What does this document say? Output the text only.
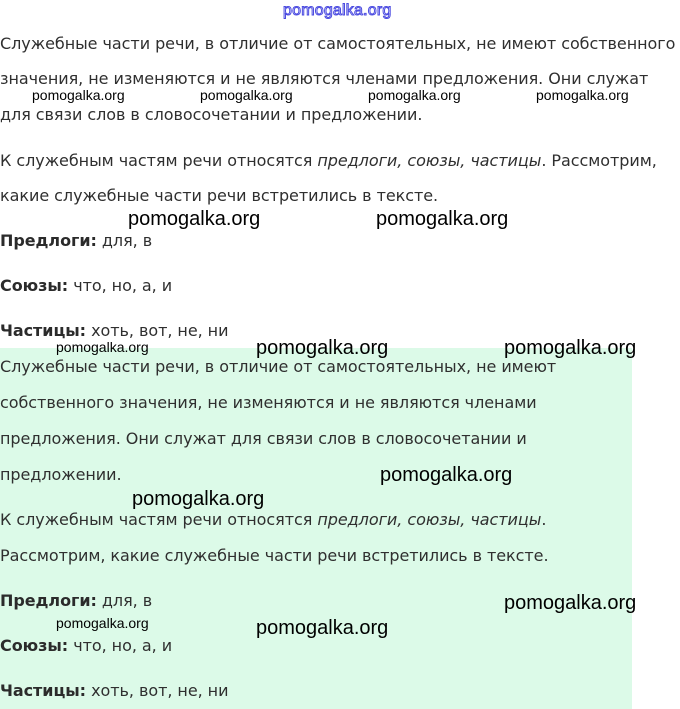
Служебные части речи, в отличие от самостоятельных, не имеют собственного
значения, не изменяются и не являются членами предложения. Они служат
для связи слов в словосочетании и предложении.
К служебным частям речи относятся предлоги, союзы, частицы. Рассмотрим,
какие служебные части речи встретились в тексте.
Предлоги: для, в
Союзы: что, но, а, и
Частицы: хоть, вот, не, ни
Служебные части речи, в отличие от самостоятельных, не имеют
собственного значения, не изменяются и не являются членами
предложения. Они служат для связи слов в словосочетании и
предложении.
К служебным частям речи относятся предлоги, союзы, частицы.
Рассмотрим, какие служебные части речи встретились в тексте.
Предлоги: для, в
Союзы: что, но, а, и
Частицы: хоть, вот, не, ни
pomogalka.org
pomogalka.org	pomogalka.org	pomogalka.org	pomogalka.org
pomogalka.org	pomogalka.org
pomogalka.org	pomogalka.org	pomogalka.org
pomogalka.org
pomogalka.org
pomogalka.org
pomogalka.org	pomogalka.org
